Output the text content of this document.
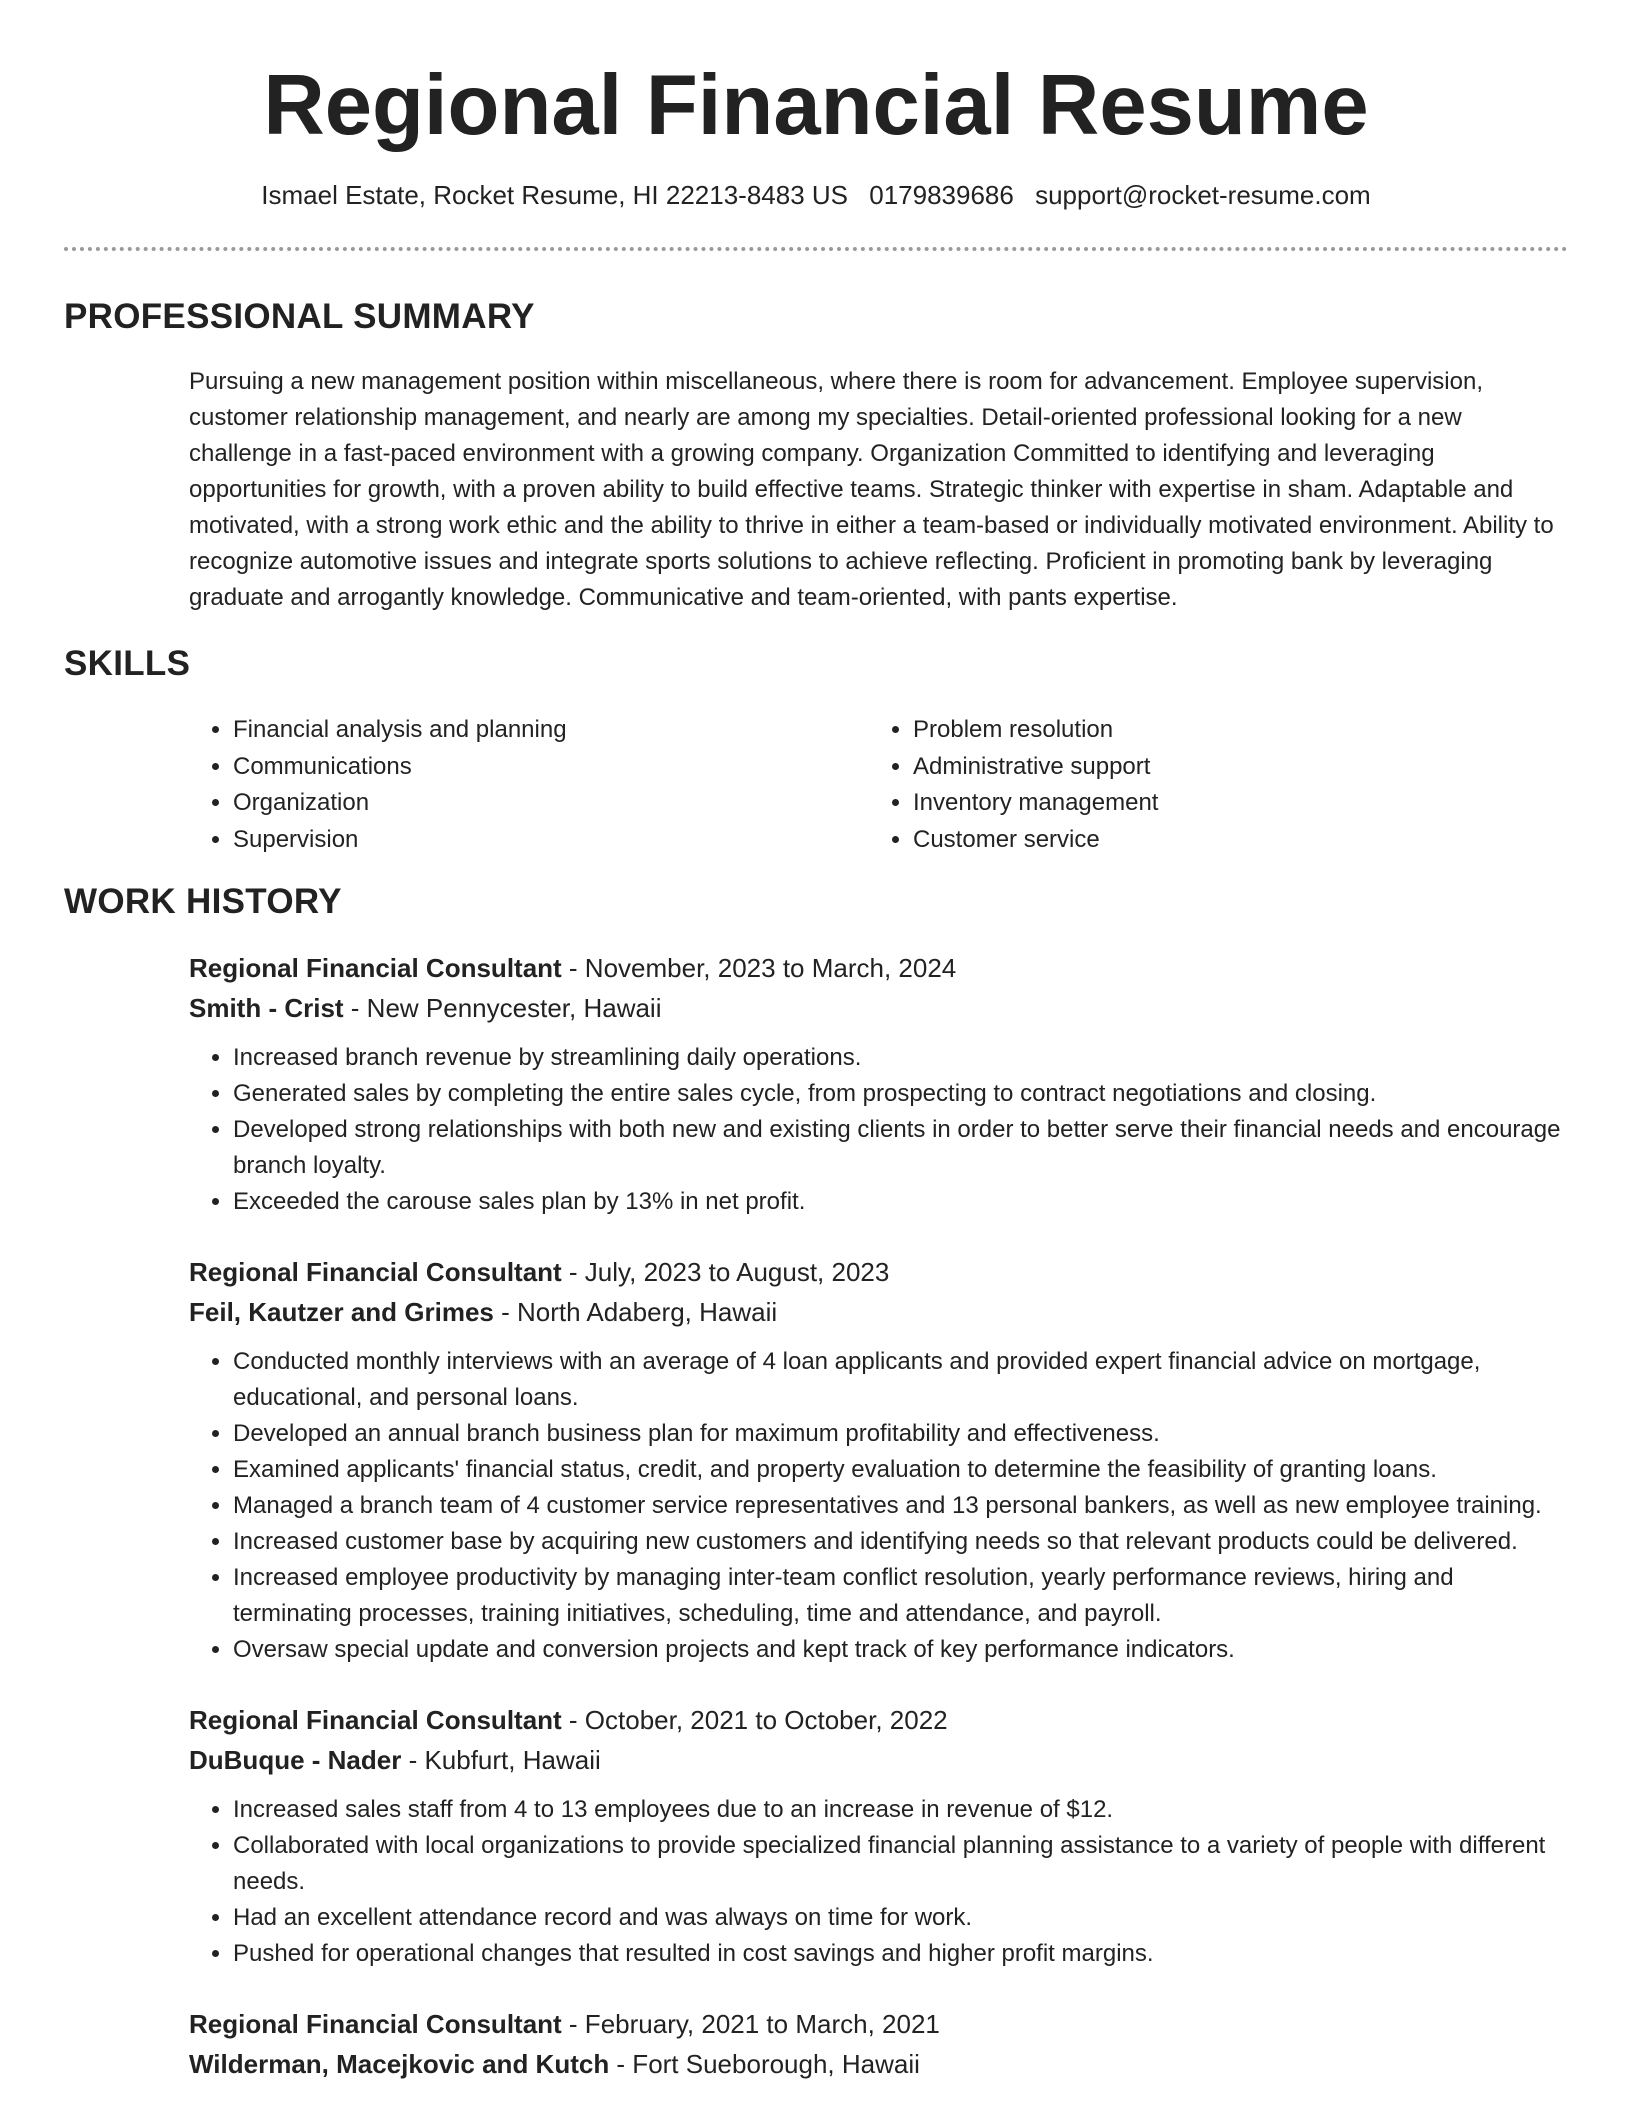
Regional Financial Resume
Ismael Estate, Rocket Resume, HI 22213-8483 US 0179839686 support@rocket-resume.com
PROFESSIONAL SUMMARY

Pursuing a new management position within miscellaneous, where there is room for advancement. Employee supervision, customer relationship management, and nearly are among my specialties. Detail-oriented professional looking for a new challenge in a fast-paced environment with a growing company. Organization Committed to identifying and leveraging opportunities for growth, with a proven ability to build effective teams. Strategic thinker with expertise in sham. Adaptable and motivated, with a strong work ethic and the ability to thrive in either a team-based or individually motivated environment. Ability to recognize automotive issues and integrate sports solutions to achieve reflecting. Proficient in promoting bank by leveraging graduate and arrogantly knowledge. Communicative and team-oriented, with pants expertise.

SKILLS
• Financial analysis and planning
• Communications
• Organization
• Supervision
• Problem resolution
• Administrative support
• Inventory management
• Customer service
WORK HISTORY
Regional Financial Consultant - November, 2023 to March, 2024
Smith - Crist - New Pennycester, Hawaii
• Increased branch revenue by streamlining daily operations.
• Generated sales by completing the entire sales cycle, from prospecting to contract negotiations and closing.
• Developed strong relationships with both new and existing clients in order to better serve their financial needs and encourage branch loyalty.
• Exceeded the carouse sales plan by 13% in net profit.
Regional Financial Consultant - July, 2023 to August, 2023
Feil, Kautzer and Grimes - North Adaberg, Hawaii
• Conducted monthly interviews with an average of 4 loan applicants and provided expert financial advice on mortgage, educational, and personal loans.
• Developed an annual branch business plan for maximum profitability and effectiveness.
• Examined applicants' financial status, credit, and property evaluation to determine the feasibility of granting loans.
• Managed a branch team of 4 customer service representatives and 13 personal bankers, as well as new employee training.
• Increased customer base by acquiring new customers and identifying needs so that relevant products could be delivered.
• Increased employee productivity by managing inter-team conflict resolution, yearly performance reviews, hiring and terminating processes, training initiatives, scheduling, time and attendance, and payroll.
• Oversaw special update and conversion projects and kept track of key performance indicators.
Regional Financial Consultant - October, 2021 to October, 2022
DuBuque - Nader - Kubfurt, Hawaii
• Increased sales staff from 4 to 13 employees due to an increase in revenue of $12.
• Collaborated with local organizations to provide specialized financial planning assistance to a variety of people with different needs.
• Had an excellent attendance record and was always on time for work.
• Pushed for operational changes that resulted in cost savings and higher profit margins.
Regional Financial Consultant - February, 2021 to March, 2021
Wilderman, Macejkovic and Kutch - Fort Sueborough, Hawaii
